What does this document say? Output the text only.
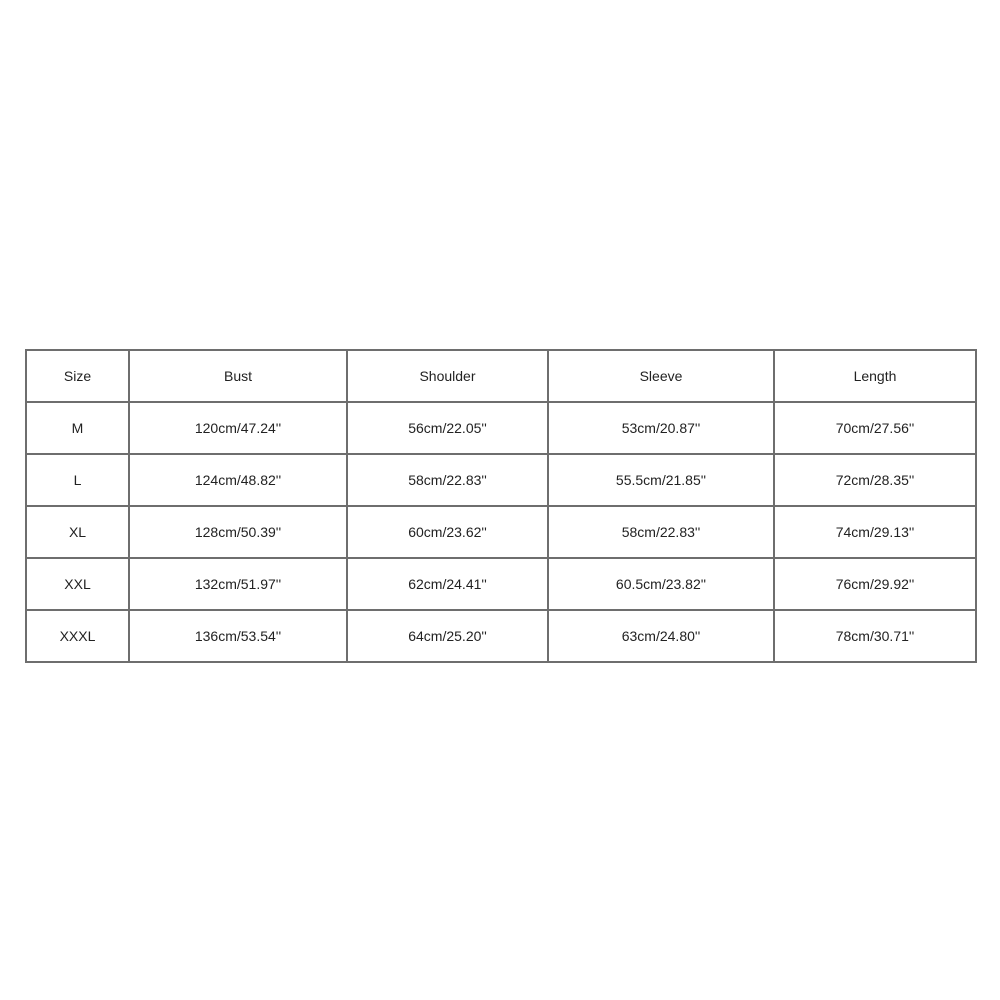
Size	Bust	Shoulder	Sleeve	Length
M	120cm/47.24''	56cm/22.05''	53cm/20.87''	70cm/27.56''
L	124cm/48.82''	58cm/22.83''	55.5cm/21.85''	72cm/28.35''
XL	128cm/50.39''	60cm/23.62''	58cm/22.83''	74cm/29.13''
XXL	132cm/51.97''	62cm/24.41''	60.5cm/23.82''	76cm/29.92''
XXXL	136cm/53.54''	64cm/25.20''	63cm/24.80''	78cm/30.71''
